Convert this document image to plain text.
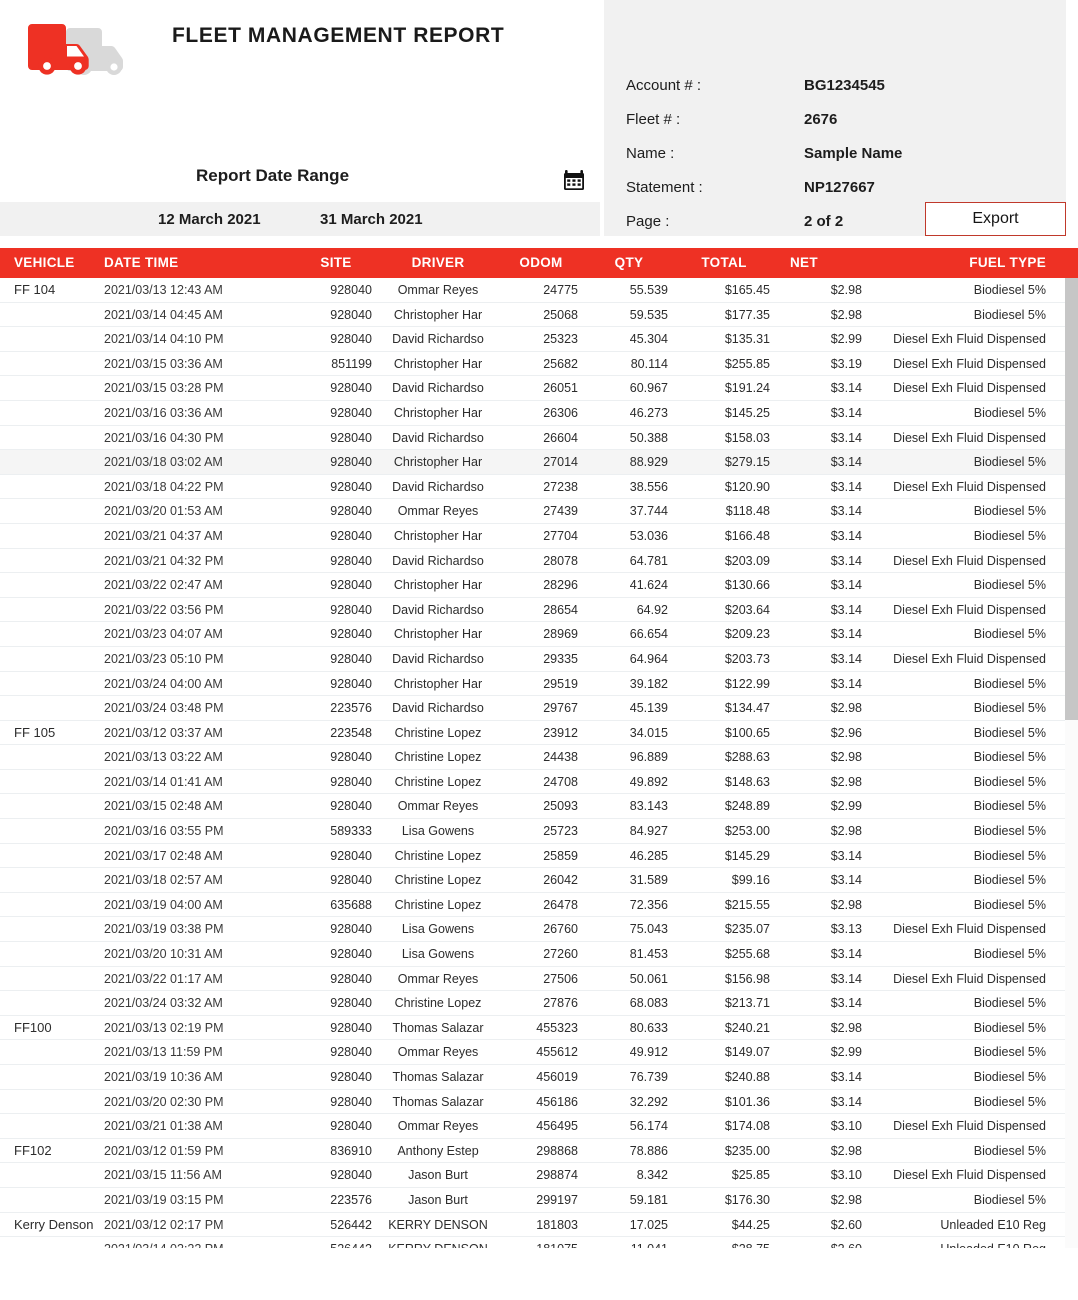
FLEET MANAGEMENT REPORT
Report Date Range
12 March 2021	31 March 2021
Account # :	BG1234545
Fleet # :	2676
Name :	Sample Name
Statement :	NP127667
Page :	2 of 2	Export
VEHICLE	DATE TIME	SITE	DRIVER	ODOM	QTY	TOTAL	NET	FUEL TYPE
FF 104	2021/03/13 12:43 AM	928040	Ommar Reyes	24775	55.539	$165.45	$2.98	Biodiesel 5%
2021/03/14 04:45 AM	928040	Christopher Har	25068	59.535	$177.35	$2.98	Biodiesel 5%
2021/03/14 04:10 PM	928040	David Richardso	25323	45.304	$135.31	$2.99	Diesel Exh Fluid Dispensed
2021/03/15 03:36 AM	851199	Christopher Har	25682	80.114	$255.85	$3.19	Diesel Exh Fluid Dispensed
2021/03/15 03:28 PM	928040	David Richardso	26051	60.967	$191.24	$3.14	Diesel Exh Fluid Dispensed
2021/03/16 03:36 AM	928040	Christopher Har	26306	46.273	$145.25	$3.14	Biodiesel 5%
2021/03/16 04:30 PM	928040	David Richardso	26604	50.388	$158.03	$3.14	Diesel Exh Fluid Dispensed
2021/03/18 03:02 AM	928040	Christopher Har	27014	88.929	$279.15	$3.14	Biodiesel 5%
2021/03/18 04:22 PM	928040	David Richardso	27238	38.556	$120.90	$3.14	Diesel Exh Fluid Dispensed
2021/03/20 01:53 AM	928040	Ommar Reyes	27439	37.744	$118.48	$3.14	Biodiesel 5%
2021/03/21 04:37 AM	928040	Christopher Har	27704	53.036	$166.48	$3.14	Biodiesel 5%
2021/03/21 04:32 PM	928040	David Richardso	28078	64.781	$203.09	$3.14	Diesel Exh Fluid Dispensed
2021/03/22 02:47 AM	928040	Christopher Har	28296	41.624	$130.66	$3.14	Biodiesel 5%
2021/03/22 03:56 PM	928040	David Richardso	28654	64.92	$203.64	$3.14	Diesel Exh Fluid Dispensed
2021/03/23 04:07 AM	928040	Christopher Har	28969	66.654	$209.23	$3.14	Biodiesel 5%
2021/03/23 05:10 PM	928040	David Richardso	29335	64.964	$203.73	$3.14	Diesel Exh Fluid Dispensed
2021/03/24 04:00 AM	928040	Christopher Har	29519	39.182	$122.99	$3.14	Biodiesel 5%
2021/03/24 03:48 PM	223576	David Richardso	29767	45.139	$134.47	$2.98	Biodiesel 5%
FF 105	2021/03/12 03:37 AM	223548	Christine Lopez	23912	34.015	$100.65	$2.96	Biodiesel 5%
2021/03/13 03:22 AM	928040	Christine Lopez	24438	96.889	$288.63	$2.98	Biodiesel 5%
2021/03/14 01:41 AM	928040	Christine Lopez	24708	49.892	$148.63	$2.98	Biodiesel 5%
2021/03/15 02:48 AM	928040	Ommar Reyes	25093	83.143	$248.89	$2.99	Biodiesel 5%
2021/03/16 03:55 PM	589333	Lisa Gowens	25723	84.927	$253.00	$2.98	Biodiesel 5%
2021/03/17 02:48 AM	928040	Christine Lopez	25859	46.285	$145.29	$3.14	Biodiesel 5%
2021/03/18 02:57 AM	928040	Christine Lopez	26042	31.589	$99.16	$3.14	Biodiesel 5%
2021/03/19 04:00 AM	635688	Christine Lopez	26478	72.356	$215.55	$2.98	Biodiesel 5%
2021/03/19 03:38 PM	928040	Lisa Gowens	26760	75.043	$235.07	$3.13	Diesel Exh Fluid Dispensed
2021/03/20 10:31 AM	928040	Lisa Gowens	27260	81.453	$255.68	$3.14	Biodiesel 5%
2021/03/22 01:17 AM	928040	Ommar Reyes	27506	50.061	$156.98	$3.14	Diesel Exh Fluid Dispensed
2021/03/24 03:32 AM	928040	Christine Lopez	27876	68.083	$213.71	$3.14	Biodiesel 5%
FF100	2021/03/13 02:19 PM	928040	Thomas Salazar	455323	80.633	$240.21	$2.98	Biodiesel 5%
2021/03/13 11:59 PM	928040	Ommar Reyes	455612	49.912	$149.07	$2.99	Biodiesel 5%
2021/03/19 10:36 AM	928040	Thomas Salazar	456019	76.739	$240.88	$3.14	Biodiesel 5%
2021/03/20 02:30 PM	928040	Thomas Salazar	456186	32.292	$101.36	$3.14	Biodiesel 5%
2021/03/21 01:38 AM	928040	Ommar Reyes	456495	56.174	$174.08	$3.10	Diesel Exh Fluid Dispensed
FF102	2021/03/12 01:59 PM	836910	Anthony Estep	298868	78.886	$235.00	$2.98	Biodiesel 5%
2021/03/15 11:56 AM	928040	Jason Burt	298874	8.342	$25.85	$3.10	Diesel Exh Fluid Dispensed
2021/03/19 03:15 PM	223576	Jason Burt	299197	59.181	$176.30	$2.98	Biodiesel 5%
Kerry Denson 2021/03/12 02:17 PM	526442	KERRY DENSON	181803	17.025	$44.25	$2.60	Unleaded E10 Reg
